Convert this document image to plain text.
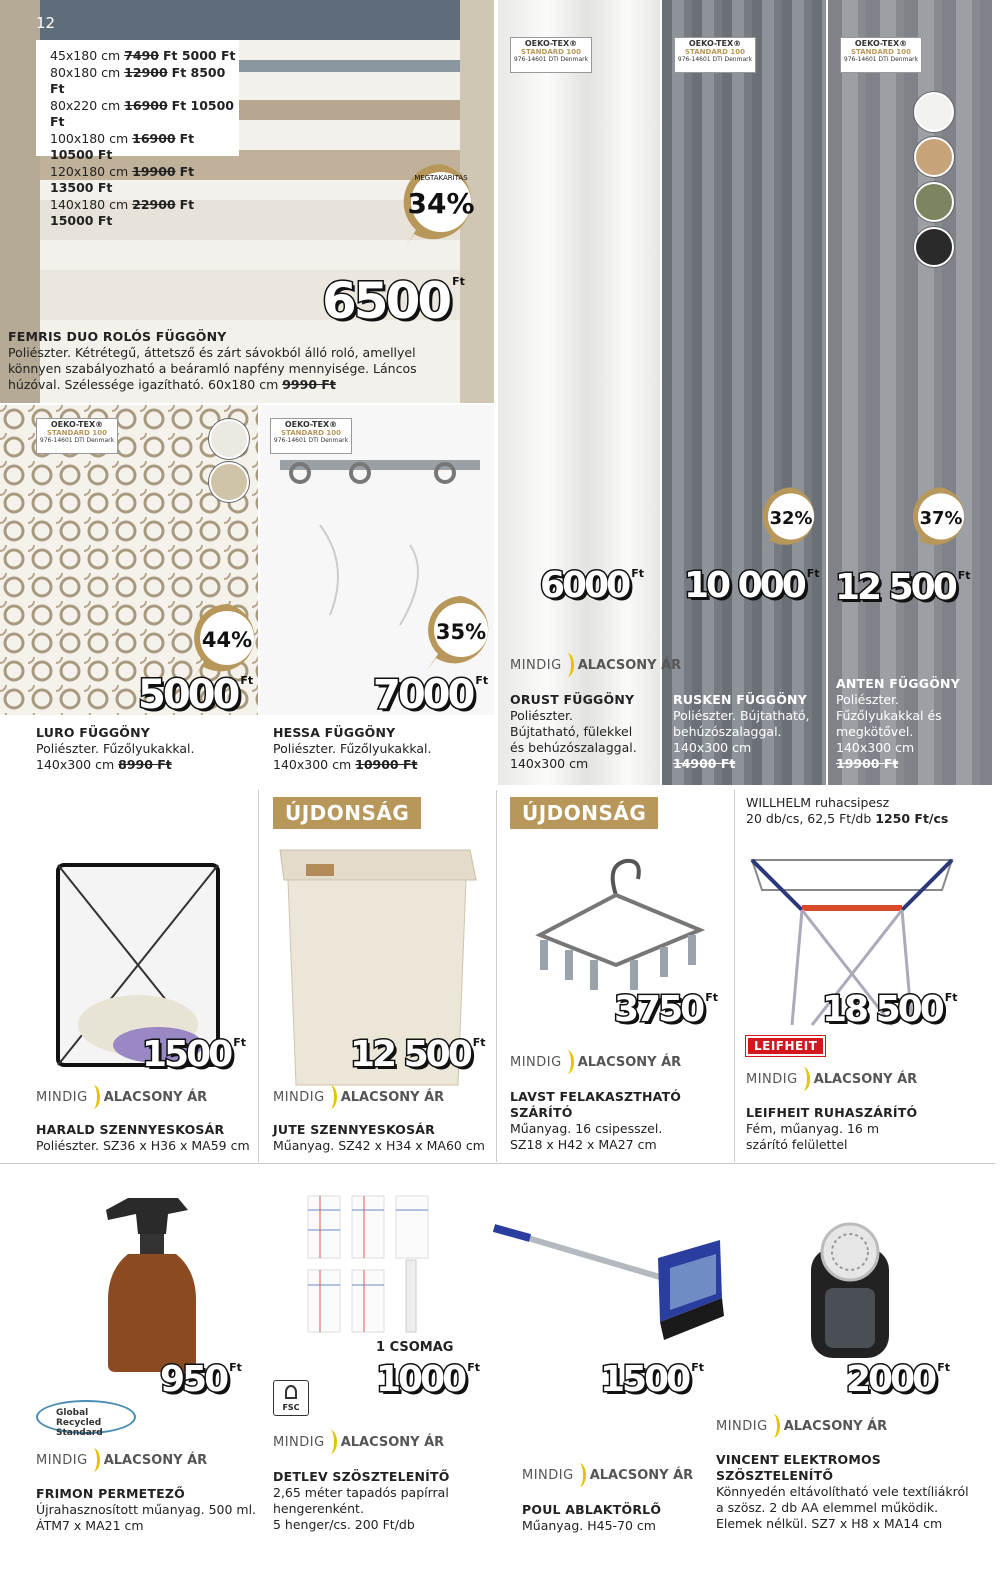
12
45x180 cm 7490 Ft 5000 Ft
80x180 cm 12900 Ft 8500 Ft
80x220 cm 16900 Ft 10500 Ft
100x180 cm 16900 Ft 10500 Ft
120x180 cm 19900 Ft 13500 Ft
140x180 cm 22900 Ft 15000 Ft
34%
MEGTAKARÍTÁS
6500 $^{Ft}$
FEMRIS DUO ROLÓS FÜGGÖNY
Poliészter. Kétrétegű, áttetsző és zárt sávokból álló roló, amellyel könnyen szabályozható a beáramló napfény mennyisége. Láncos húzóval. Szélessége igazítható. 60x180 cm 9990 Ft
OEKO-TEX®
STANDARD 100
976-14601 DTI Denmark
44%
5000 $^{Ft}$
LURO FÜGGÖNY
Poliészter. Fűzőlyukakkal.
140x300 cm 8990 Ft
OEKO-TEX®
STANDARD 100
976-14601 DTI Denmark
35%
7000 $^{Ft}$
HESSA FÜGGÖNY
Poliészter. Fűzőlyukakkal.
140x300 cm 10900 Ft
OEKO-TEX®
STANDARD 100
976-14601 DTI Denmark
OEKO-TEX®
STANDARD 100
976-14601 DTI Denmark
OEKO-TEX®
STANDARD 100
976-14601 DTI Denmark
32%	37%
6000 $^{Ft}$ 10 000 $^{Ft}$ 12 500 $^{Ft}$
MINDIG ALACSONY ÁR
ORUST FÜGGÖNY
Poliészter.
Bújtatható, fülekkel
és behúzószalaggal.
140x300 cm
RUSKEN FÜGGÖNY
Poliészter. Bújtatható,
behúzószalaggal.
140x300 cm
14900 Ft
ANTEN FÜGGÖNY
Poliészter.
Fűzőlyukakkal és
megkötővel.
140x300 cm
19900 Ft
1500 $^{Ft}$
MINDIG ALACSONY ÁR
HARALD SZENNYESKOSÁR
Poliészter. SZ36 x H36 x MA59 cm
ÚJDONSÁG
12 500 $^{Ft}$
MINDIG ALACSONY ÁR
JUTE SZENNYESKOSÁR
Műanyag. SZ42 x H34 x MA60 cm
ÚJDONSÁG
3750 $^{Ft}$
MINDIG ALACSONY ÁR
LAVST FELAKASZTHATÓ
SZÁRÍTÓ
Műanyag. 16 csipesszel.
SZ18 x H42 x MA27 cm
WILLHELM ruhacsipesz
20 db/cs, 62,5 Ft/db 1250 Ft/cs
18 500 $^{Ft}$
LEIFHEIT
MINDIG ALACSONY ÁR
LEIFHEIT RUHASZÁRÍTÓ
Fém, műanyag. 16 m
szárító felülettel
950 $^{Ft}$
Global Recycled
Standard
MINDIG ALACSONY ÁR
FRIMON PERMETEZŐ
Újrahasznosított műanyag. 500 ml.
ÁTM7 x MA21 cm
1 CSOMAG
1000 $^{Ft}$
FSC
MINDIG ALACSONY ÁR
DETLEV SZÖSZTELENÍTŐ
2,65 méter tapadós papírral
hengerenként.
5 henger/cs. 200 Ft/db
1500 $^{Ft}$
MINDIG ALACSONY ÁR
POUL ABLAKTÖRLŐ
Műanyag. H45-70 cm
2000 $^{Ft}$
MINDIG ALACSONY ÁR
VINCENT ELEKTROMOS
SZÖSZTELENÍTŐ
Könnyedén eltávolítható vele textíliákról
a szösz. 2 db AA elemmel működik.
Elemek nélkül. SZ7 x H8 x MA14 cm
